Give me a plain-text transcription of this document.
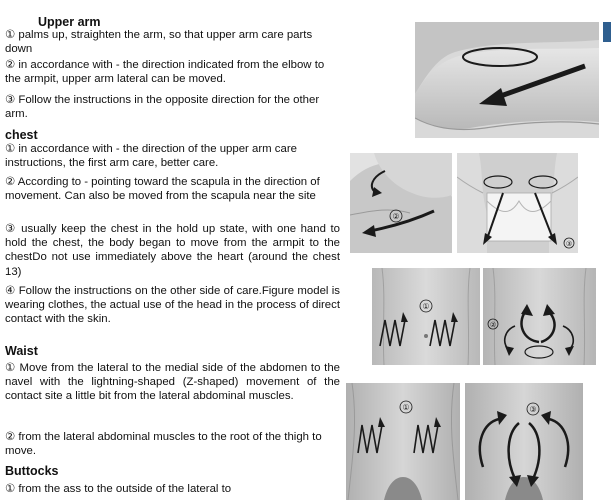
Upper arm
① palms up, straighten the arm, so that upper arm care parts down
② in accordance with - the direction indicated from the elbow to the armpit, upper arm lateral can be moved.
③ Follow the instructions in the opposite direction for the other arm.
chest
① in accordance with - the direction of the upper arm care instructions, the first arm care, better care.
② According to - pointing toward the scapula in the direction of movement. Can also be moved from the scapula near the site
③ usually keep the chest in the hold up state, with one hand to hold the chest, the body began to move from the armpit to the chestDo not use immediately above the heart (around the chest 13)
④ Follow the instructions on the other side of care.Figure model is wearing clothes, the actual use of the head in the process of direct contact with the skin.
Waist
① Move from the lateral to the medial side of the abdomen to the navel with the lightning-shaped (Z-shaped) movement of the contact site a little bit from the lateral abdominal muscles.
② from the lateral abdominal muscles to the root of the thigh to move.
Buttocks
① from the ass to the outside of the lateral to
②
③
①
②
①	③
